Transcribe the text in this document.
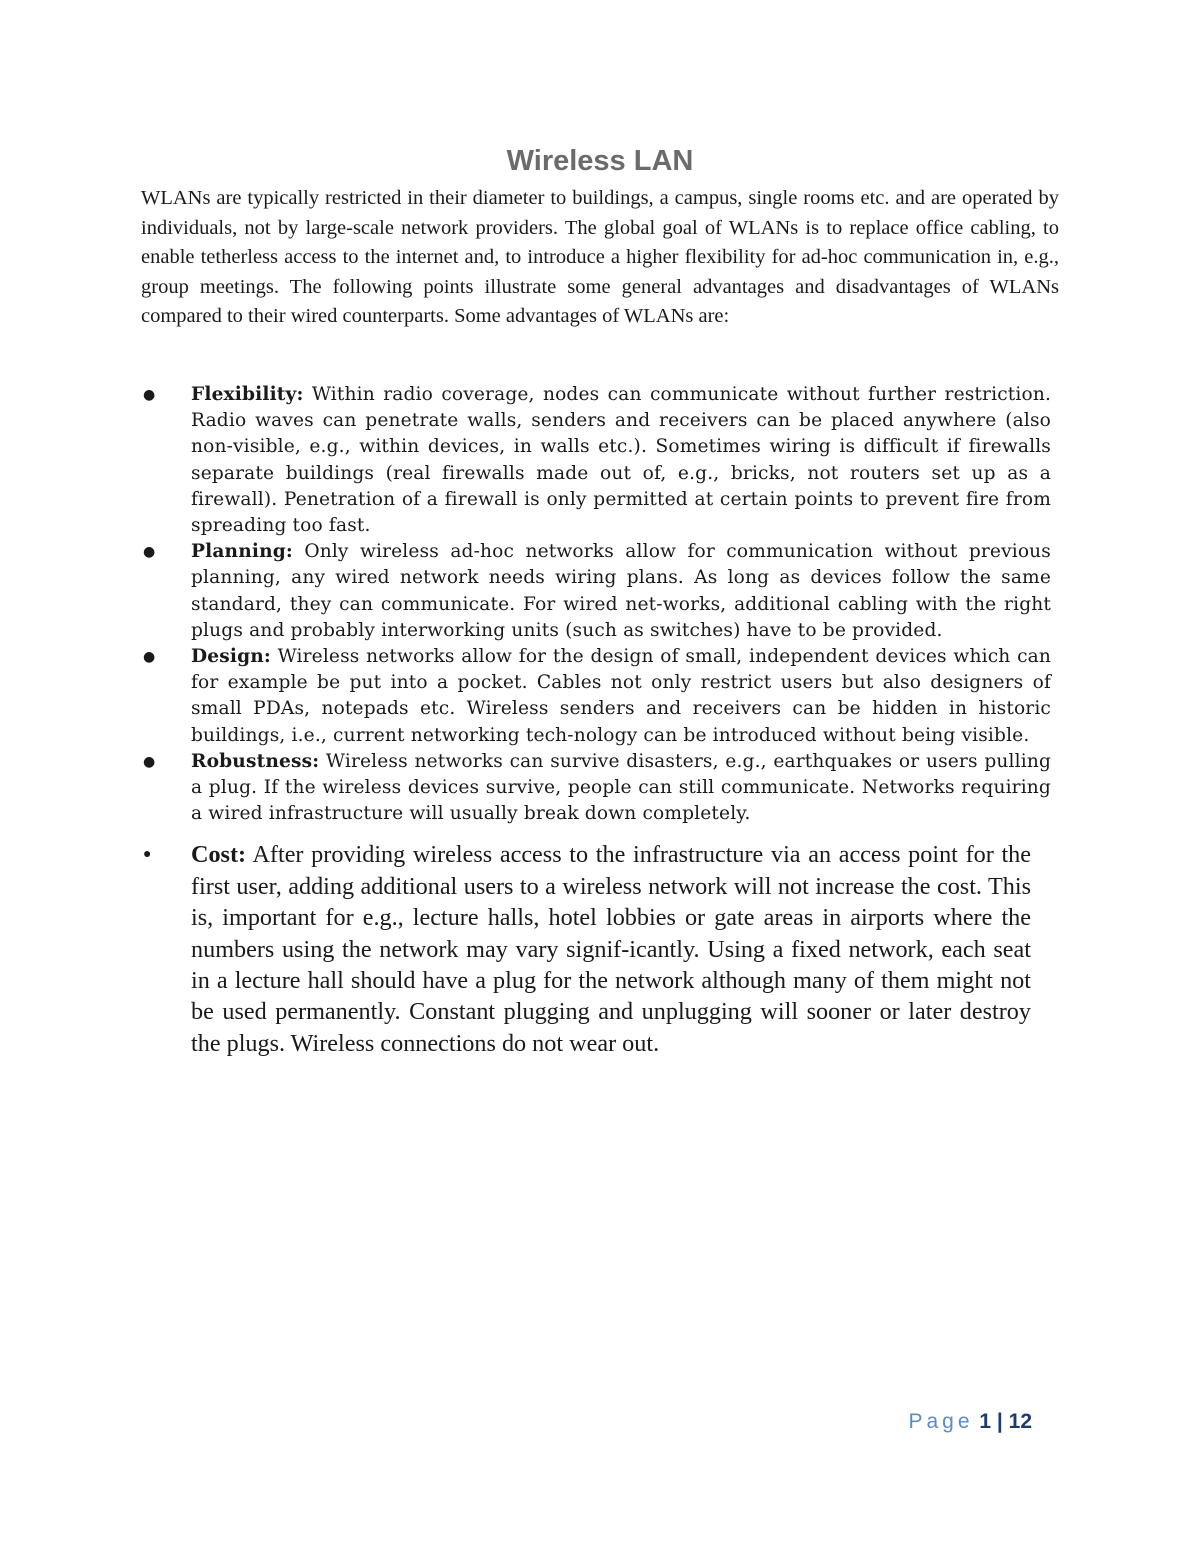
Wireless LAN

WLANs are typically restricted in their diameter to buildings, a campus, single rooms etc. and are operated by individuals, not by large-scale network providers. The global goal of WLANs is to replace office cabling, to enable tetherless access to the internet and, to introduce a higher flexibility for ad-hoc communication in, e.g., group meetings. The following points illustrate some general advantages and disadvantages of WLANs compared to their wired counterparts. Some advantages of WLANs are:

● Flexibility: Within radio coverage, nodes can communicate without further restriction. Radio waves can penetrate walls, senders and receivers can be placed anywhere (also non-visible, e.g., within devices, in walls etc.). Sometimes wiring is difficult if firewalls separate buildings (real firewalls made out of, e.g., bricks, not routers set up as a firewall). Penetration of a firewall is only permitted at certain points to prevent fire from spreading too fast.
● Planning: Only wireless ad-hoc networks allow for communication without previous planning, any wired network needs wiring plans. As long as devices follow the same standard, they can communicate. For wired net-works, additional cabling with the right plugs and probably interworking units (such as switches) have to be provided.
● Design: Wireless networks allow for the design of small, independent devices which can for example be put into a pocket. Cables not only restrict users but also designers of small PDAs, notepads etc. Wireless senders and receivers can be hidden in historic buildings, i.e., current networking tech-nology can be introduced without being visible.
● Robustness: Wireless networks can survive disasters, e.g., earthquakes or users pulling a plug. If the wireless devices survive, people can still communicate. Networks requiring a wired infrastructure will usually break down completely.
● Cost: After providing wireless access to the infrastructure via an access point for the first user, adding additional users to a wireless network will not increase the cost. This is, important for e.g., lecture halls, hotel lobbies or gate areas in airports where the numbers using the network may vary signif-icantly. Using a fixed network, each seat in a lecture hall should have a plug for the network although many of them might not be used permanently. Constant plugging and unplugging will sooner or later destroy the plugs. Wireless connections do not wear out.
Page 1 | 12
